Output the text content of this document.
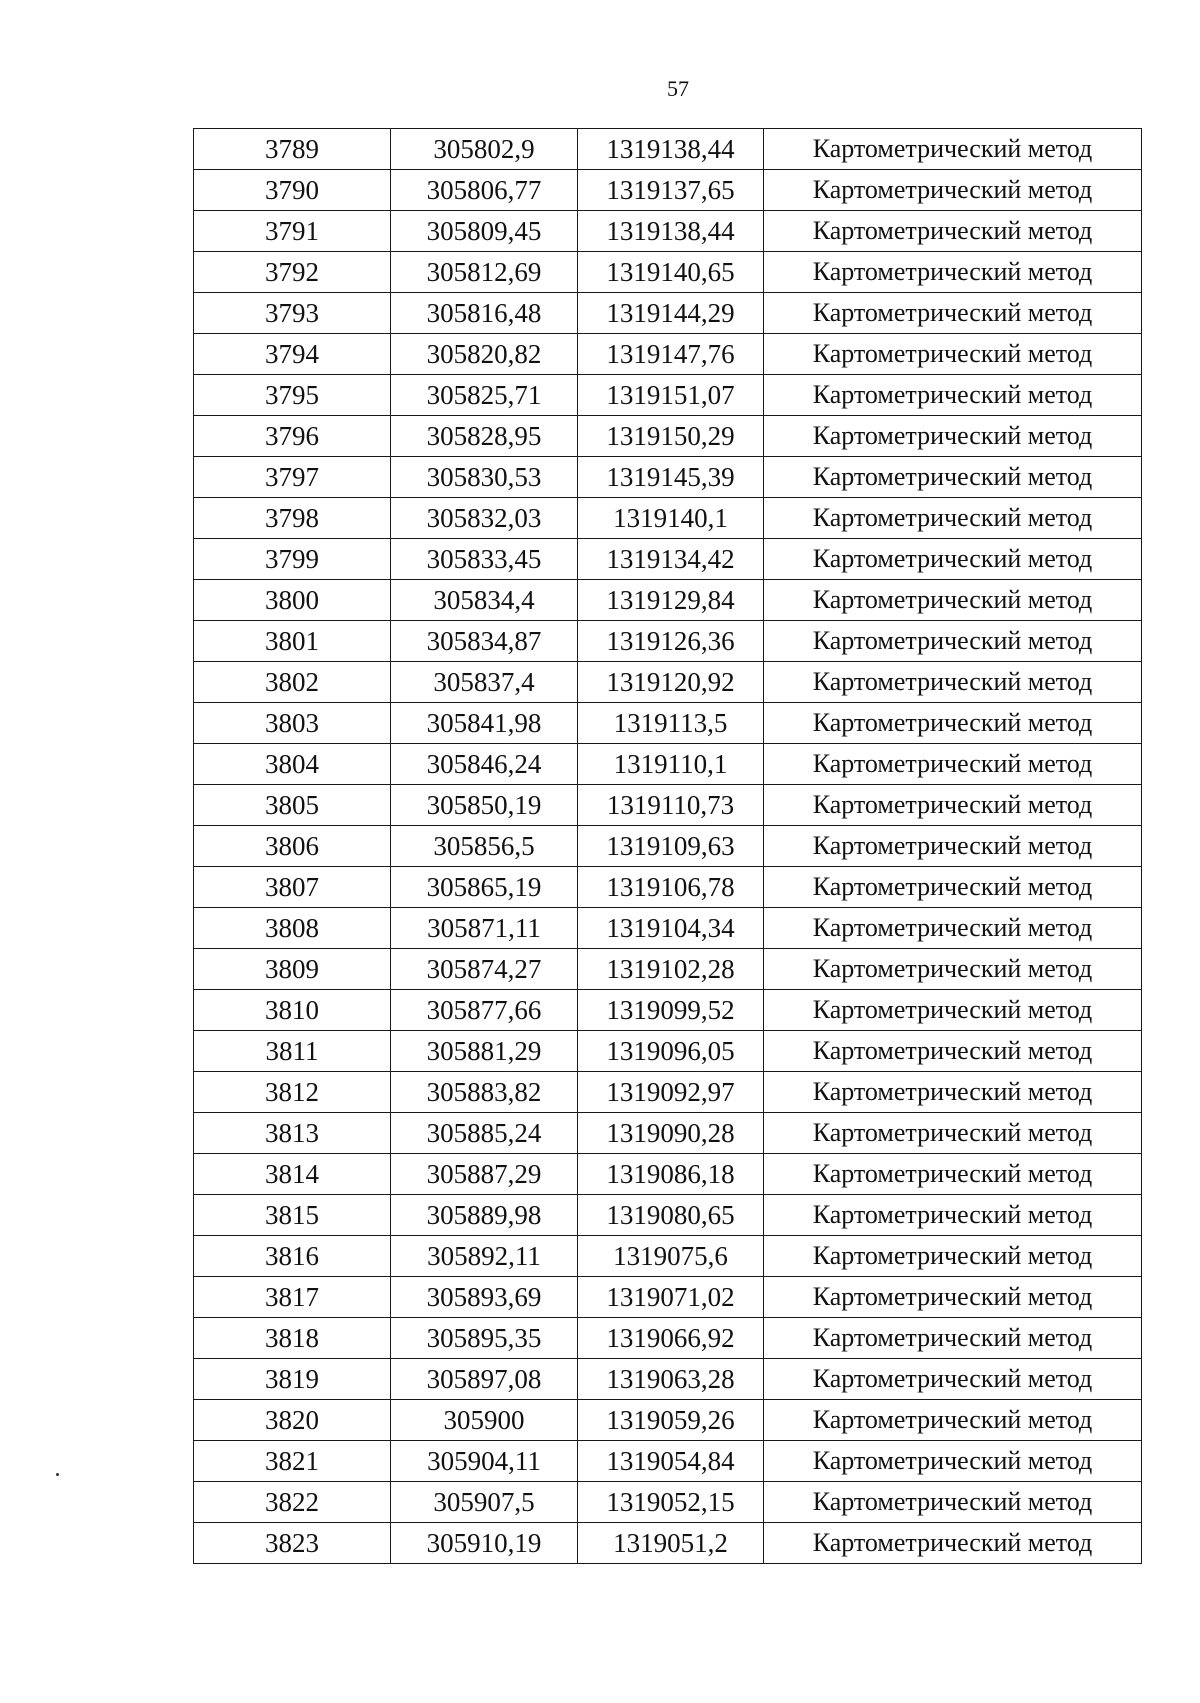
57
3789	305802,9	1319138,44	Картометрический метод
3790	305806,77	1319137,65	Картометрический метод
3791	305809,45	1319138,44	Картометрический метод
3792	305812,69	1319140,65	Картометрический метод
3793	305816,48	1319144,29	Картометрический метод
3794	305820,82	1319147,76	Картометрический метод
3795	305825,71	1319151,07	Картометрический метод
3796	305828,95	1319150,29	Картометрический метод
3797	305830,53	1319145,39	Картометрический метод
3798	305832,03	1319140,1	Картометрический метод
3799	305833,45	1319134,42	Картометрический метод
3800	305834,4	1319129,84	Картометрический метод
3801	305834,87	1319126,36	Картометрический метод
3802	305837,4	1319120,92	Картометрический метод
3803	305841,98	1319113,5	Картометрический метод
3804	305846,24	1319110,1	Картометрический метод
3805	305850,19	1319110,73	Картометрический метод
3806	305856,5	1319109,63	Картометрический метод
3807	305865,19	1319106,78	Картометрический метод
3808	305871,11	1319104,34	Картометрический метод
3809	305874,27	1319102,28	Картометрический метод
3810	305877,66	1319099,52	Картометрический метод
3811	305881,29	1319096,05	Картометрический метод
3812	305883,82	1319092,97	Картометрический метод
3813	305885,24	1319090,28	Картометрический метод
3814	305887,29	1319086,18	Картометрический метод
3815	305889,98	1319080,65	Картометрический метод
3816	305892,11	1319075,6	Картометрический метод
3817	305893,69	1319071,02	Картометрический метод
3818	305895,35	1319066,92	Картометрический метод
3819	305897,08	1319063,28	Картометрический метод
3820	305900	1319059,26	Картометрический метод
3821	305904,11	1319054,84	Картометрический метод
3822	305907,5	1319052,15	Картометрический метод
3823	305910,19	1319051,2	Картометрический метод
